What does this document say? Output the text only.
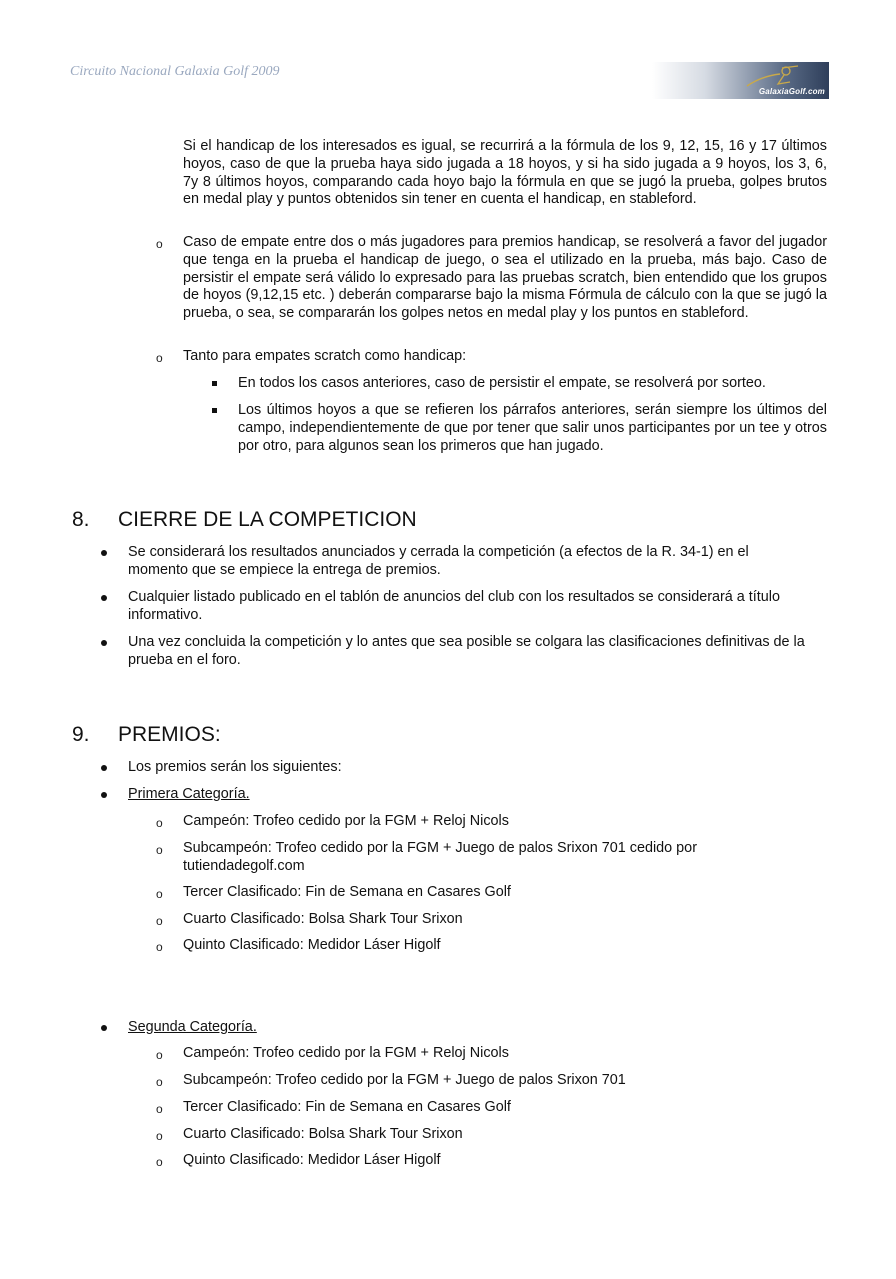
Circuito Nacional Galaxia Golf 2009
GalaxiaGolf.com
Si el handicap de los interesados es igual, se recurrirá a la fórmula de los 9, 12, 15, 16 y 17 últimos hoyos, caso de que la prueba haya sido jugada a 18 hoyos, y si ha sido jugada a 9 hoyos, los 3, 6, 7y 8 últimos hoyos, comparando cada hoyo bajo la fórmula en que se jugó la prueba, golpes brutos en medal play y puntos obtenidos sin tener en cuenta el handicap, en stableford.
o Caso de empate entre dos o más jugadores para premios handicap, se resolverá a favor del jugador que tenga en la prueba el handicap de juego, o sea el utilizado en la prueba, más bajo. Caso de persistir el empate será válido lo expresado para las pruebas scratch, bien entendido que los grupos de hoyos (9,12,15 etc. ) deberán compararse bajo la misma Fórmula de cálculo con la que se jugó la prueba, o sea, se compararán los golpes netos en medal play y los puntos en stableford.
o Tanto para empates scratch como handicap:
En todos los casos anteriores, caso de persistir el empate, se resolverá por sorteo.
Los últimos hoyos a que se refieren los párrafos anteriores, serán siempre los últimos del campo, independientemente de que por tener que salir unos participantes por un tee y otros por otro, para algunos sean los primeros que han jugado.
8. CIERRE DE LA COMPETICION
Se considerará los resultados anunciados y cerrada la competición (a efectos de la R. 34-1) en el momento que se empiece la entrega de premios.
Cualquier listado publicado en el tablón de anuncios del club con los resultados se considerará a título informativo.
Una vez concluida la competición y lo antes que sea posible se colgara las clasificaciones definitivas de la prueba en el foro.
9. PREMIOS:
Los premios serán los siguientes:
Primera Categoría.
o Campeón: Trofeo cedido por la FGM + Reloj Nicols
o Subcampeón: Trofeo cedido por la FGM + Juego de palos Srixon 701 cedido por tutiendadegolf.com
o Tercer Clasificado: Fin de Semana en Casares Golf
o Cuarto Clasificado: Bolsa Shark Tour Srixon
o Quinto Clasificado: Medidor Láser Higolf
Segunda Categoría.
o Campeón: Trofeo cedido por la FGM + Reloj Nicols
o Subcampeón: Trofeo cedido por la FGM + Juego de palos Srixon 701
o Tercer Clasificado: Fin de Semana en Casares Golf
o Cuarto Clasificado: Bolsa Shark Tour Srixon
o Quinto Clasificado: Medidor Láser Higolf
